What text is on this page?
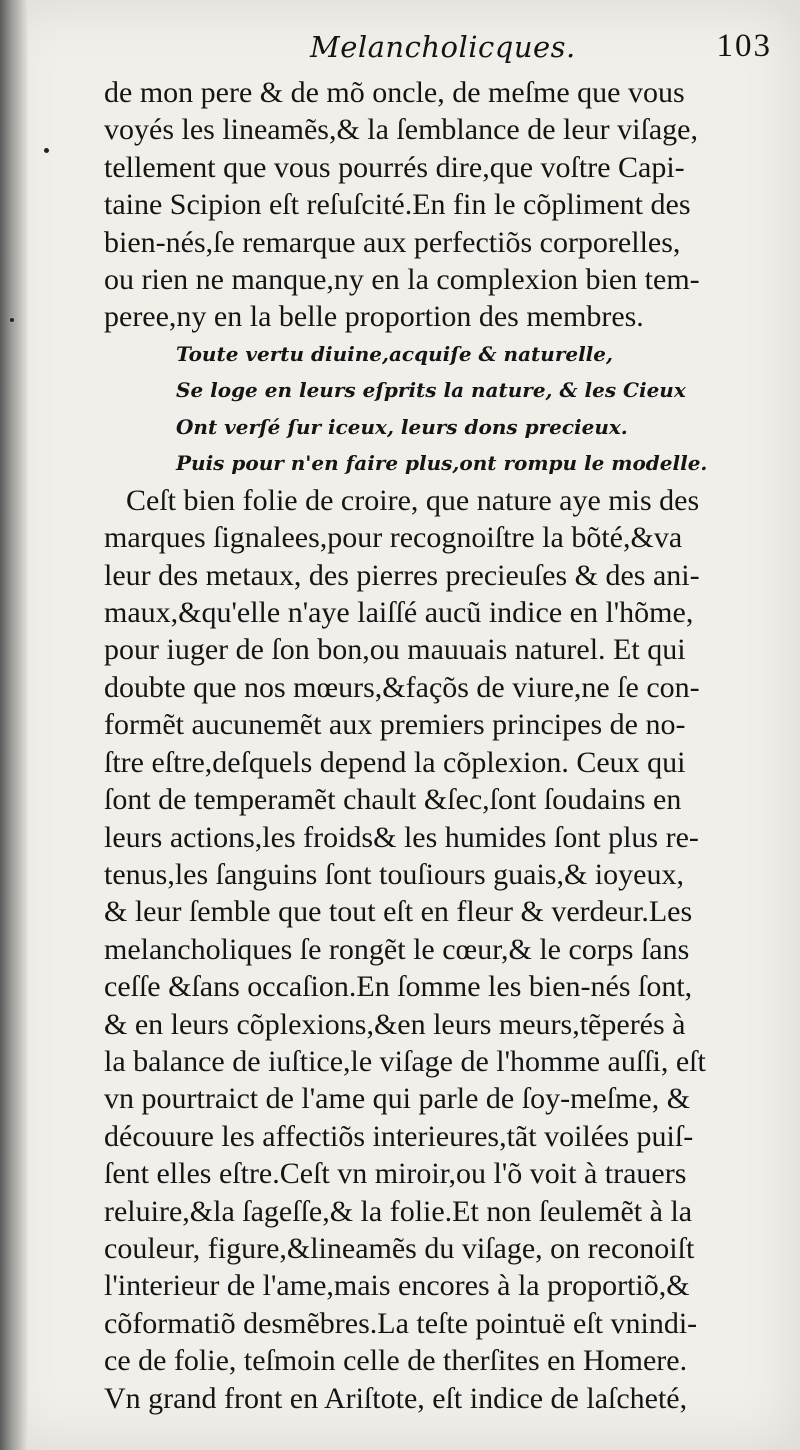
Melancholicques.	103
de mon pere & de mõ oncle, de meſme que vous
voyés les lineamẽs,& la ſemblance de leur viſage,
tellement que vous pourrés dire,que voſtre Capi-
taine Scipion eſt reſuſcité.En fin le cõpliment des
bien-nés,ſe remarque aux perfectiõs corporelles,
ou rien ne manque,ny en la complexion bien tem-
peree,ny en la belle proportion des membres.
Toute vertu diuine,acquiſe & naturelle,
Se loge en leurs eſprits la nature, & les Cieux
Ont verſé ſur iceux, leurs dons precieux.
Puis pour n'en faire plus,ont rompu le modelle.
Ceſt bien folie de croire, que nature aye mis des
marques ſignalees,pour recognoiſtre la bõté,&va
leur des metaux, des pierres precieuſes & des ani-
maux,&qu'elle n'aye laiſſé aucũ indice en l'hõme,
pour iuger de ſon bon,ou mauuais naturel. Et qui
doubte que nos mœurs,&façõs de viure,ne ſe con-
formẽt aucunemẽt aux premiers principes de no-
ſtre eſtre,deſquels depend la cõplexion. Ceux qui
ſont de temperamẽt chault &ſec,ſont ſoudains en
leurs actions,les froids& les humides ſont plus re-
tenus,les ſanguins ſont touſiours guais,& ioyeux,
& leur ſemble que tout eſt en fleur & verdeur.Les
melancholiques ſe rongẽt le cœur,& le corps ſans
ceſſe &ſans occaſion.En ſomme les bien-nés ſont,
& en leurs cõplexions,&en leurs meurs,tẽperés à
la balance de iuſtice,le viſage de l'homme auſſi, eſt
vn pourtraict de l'ame qui parle de ſoy-meſme, &
découure les affectiõs interieures,tãt voilées puiſ-
ſent elles eſtre.Ceſt vn miroir,ou l'õ voit à trauers
reluire,&la ſageſſe,& la folie.Et non ſeulemẽt à la
couleur, figure,&lineamẽs du viſage, on reconoiſt
l'interieur de l'ame,mais encores à la proportiõ,&
cõformatiõ desmẽbres.La teſte pointuë eſt vnindi-
ce de folie, teſmoin celle de therſites en Homere.
Vn grand front en Ariſtote, eſt indice de laſcheté,
